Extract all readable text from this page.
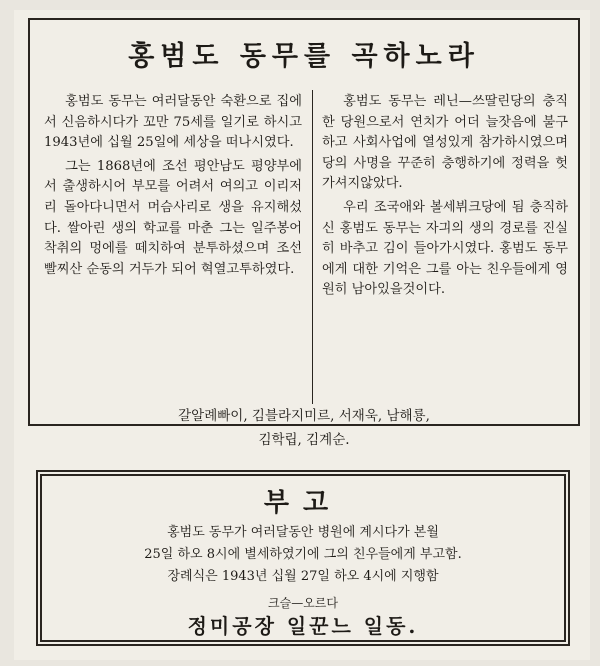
홍범도 동무를 곡하노라

홍범도 동무는 여러달동안 숙환으로 집에서 신음하시다가 꼬만 75세를 일기로 하시고 1943년에 십월 25일에 세상을 떠나시였다.

그는 1868년에 조선 평안남도 평양부에서 출생하시어 부모를 어려서 여의고 이리저리 돌아다니면서 머슴사리로 생을 유지해섰다. 쌀아린 생의 학교를 마춘 그는 일주봉어 착취의 멍에를 떼치하여 분투하셨으며 조선 빨찌산 순동의 거두가 되어 혁열고투하였다.

홍범도 동무는 레닌—쓰딸린당의 충직한 당원으로서 연치가 어더 늘잣음에 불구하고 사회사업에 열성있게 참가하시였으며 당의 사명을 꾸준히 충행하기에 정력을 헛가셔지않았다.

우리 조국애와 볼세뷔크당에 됨 충직하신 홍범도 동무는 자긔의 생의 경로를 진실히 바추고 김이 들아가시였다. 홍범도 동무에게 대한 기억은 그를 아는 친우들에게 영원히 남아있을것이다.

갈알례빠이, 김블라지미르, 서재욱, 남해룡,
김학립, 김계순.
부고
홍범도 동무가 여러달동안 병원에 계시다가 본월
25일 하오 8시에 별세하였기에 그의 친우들에게 부고함.
장례식은 1943년 십월 27일 하오 4시에 지행함
크슬—오르다
정미공장 일꾼느 일동.
